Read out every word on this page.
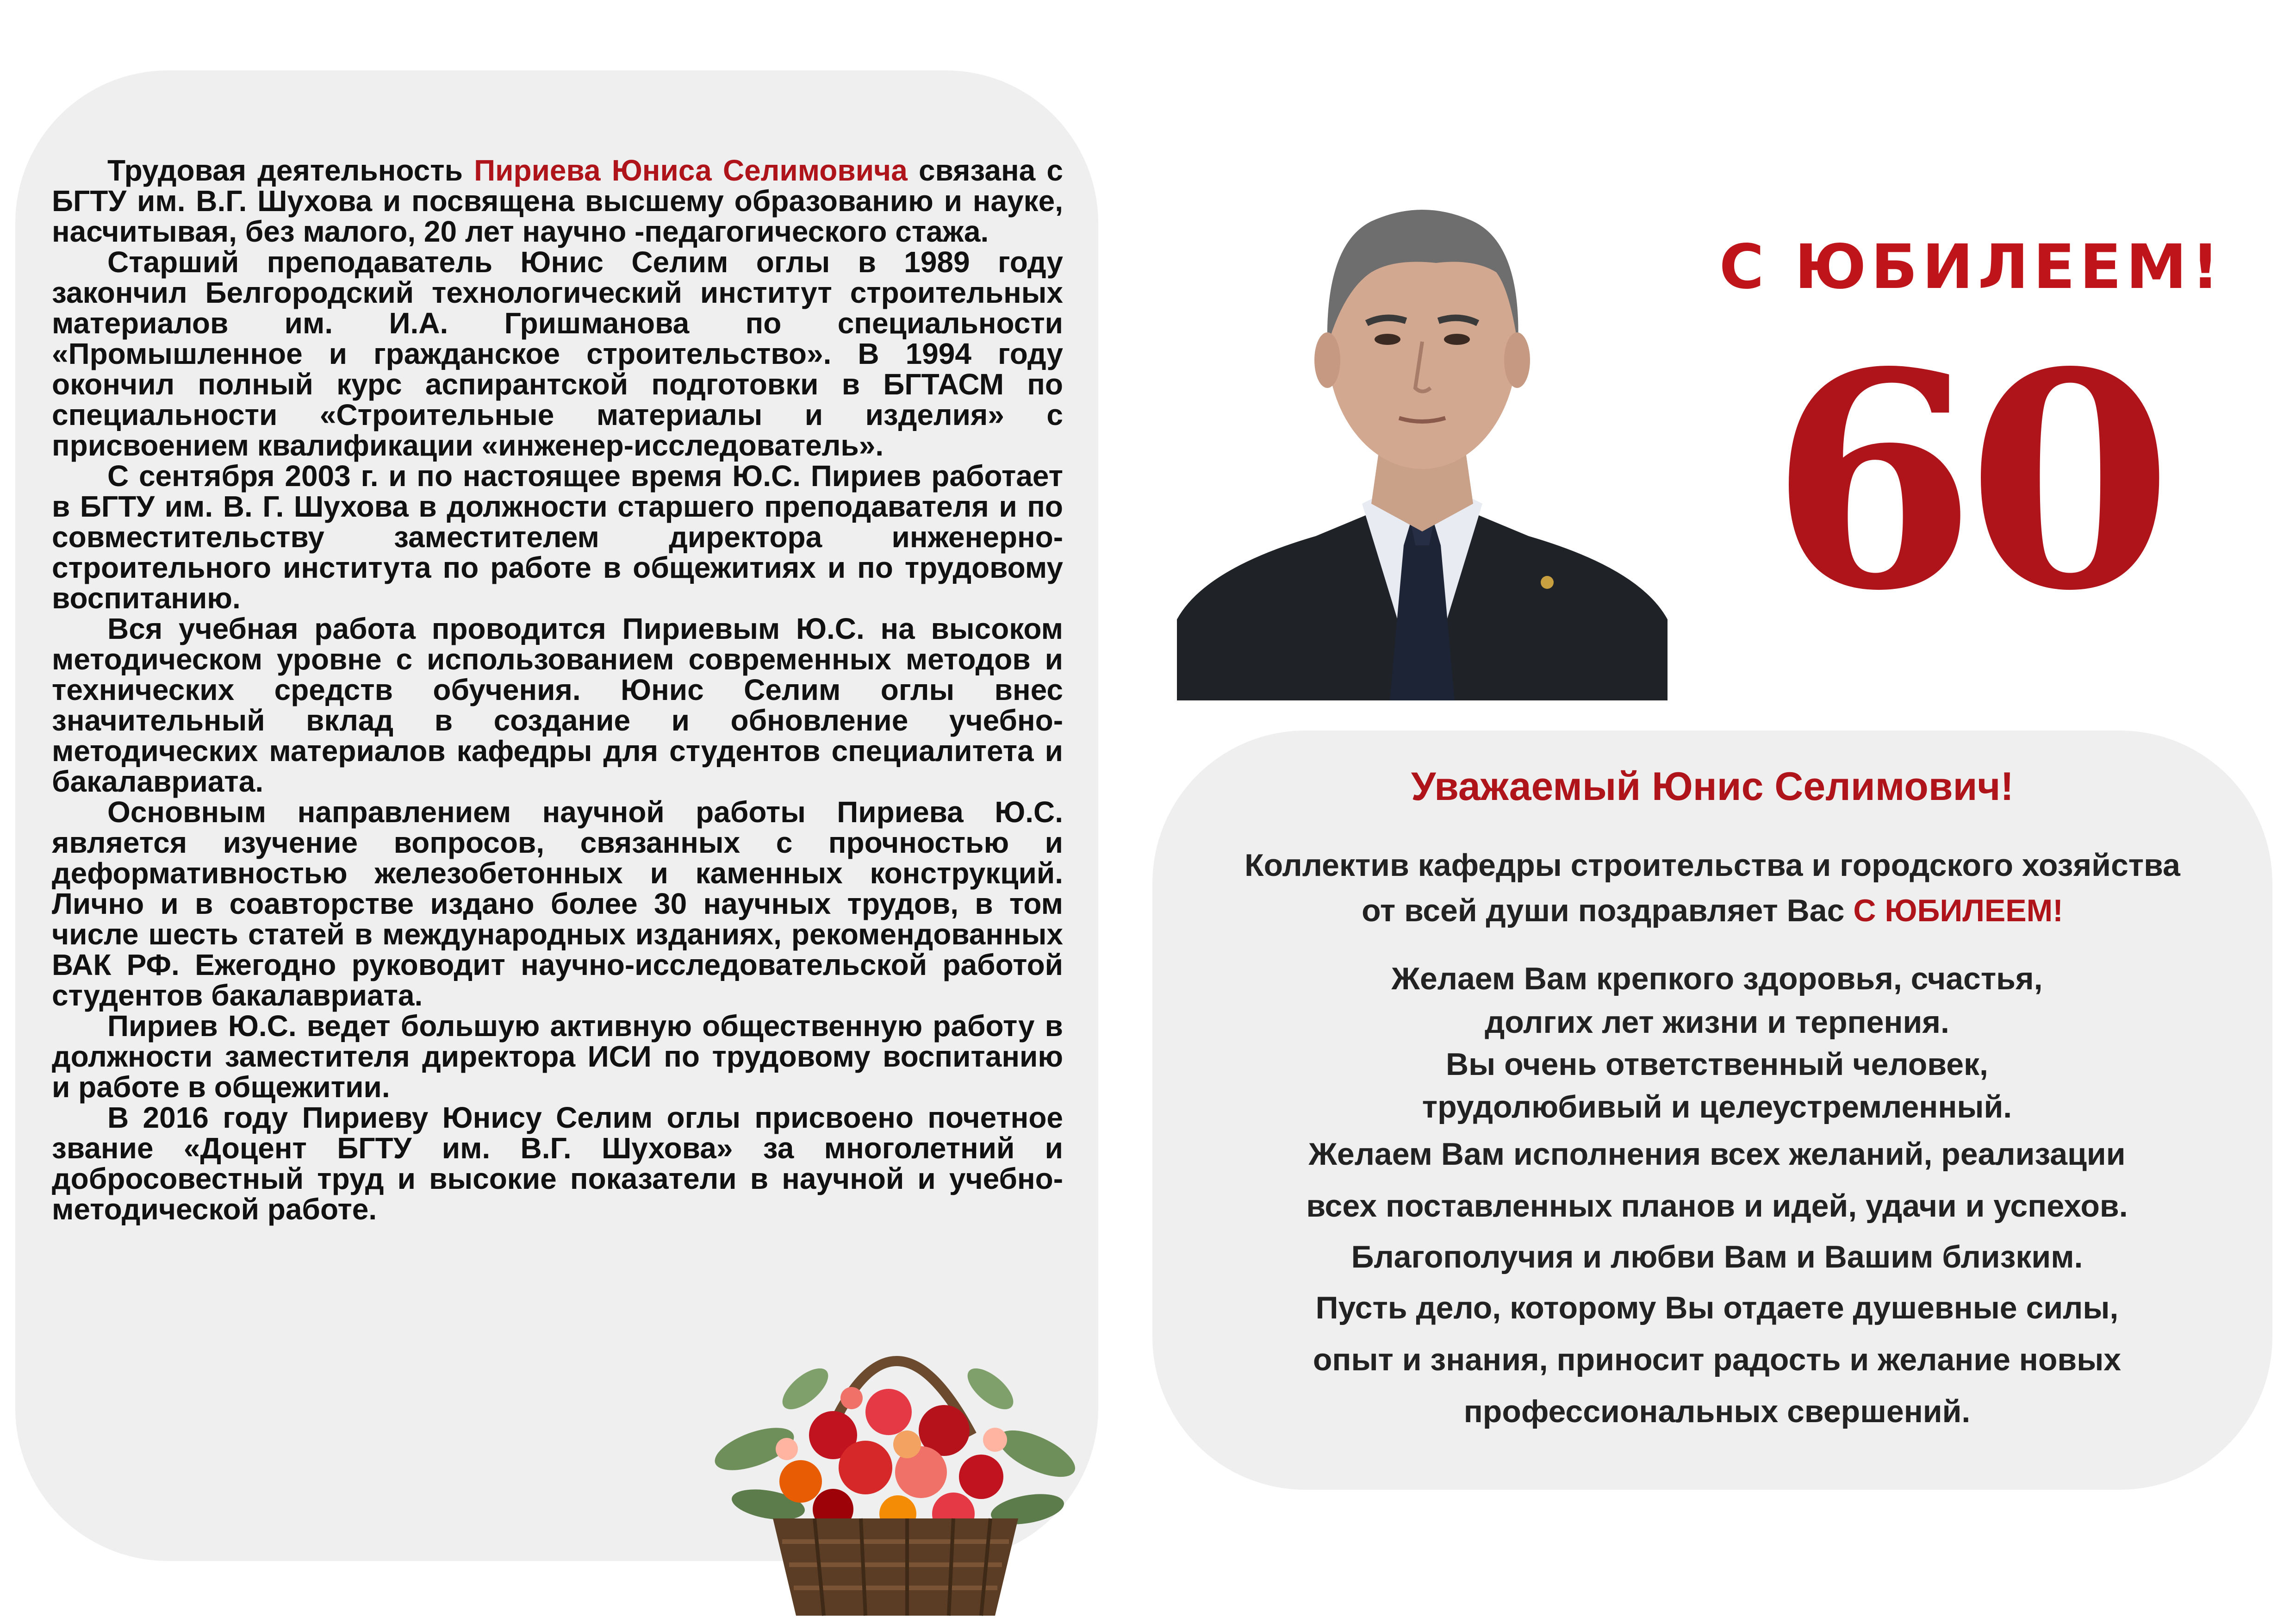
Трудовая деятельность Пириева Юниса Селимовича связана с БГТУ им. В.Г. Шухова и посвящена высшему образованию и науке, насчитывая, без малого, 20 лет научно -педагогического стажа.

Старший преподаватель Юнис Селим оглы в 1989 году закончил Белгородский технологический институт строительных материалов им. И.А. Гришманова по специальности «Промышленное и гражданское строительство». В 1994 году окончил полный курс аспирантской подготовки в БГТАСМ по специальности «Строительные материалы и изделия» с присвоением квалификации «инженер-исследователь».

С сентября 2003 г. и по настоящее время Ю.С. Пириев работает в БГТУ им. В. Г. Шухова в должности старшего преподавателя и по совместительству заместителем директора инженерно-строительного института по работе в общежитиях и по трудовому воспитанию.

Вся учебная работа проводится Пириевым Ю.С. на высоком методическом уровне с использованием современных методов и технических средств обучения. Юнис Селим оглы внес значительный вклад в создание и обновление учебно-методических материалов кафедры для студентов специалитета и бакалавриата.

Основным направлением научной работы Пириева Ю.С. является изучение вопросов, связанных с прочностью и деформативностью железобетонных и каменных конструкций. Лично и в соавторстве издано более 30 научных трудов, в том числе шесть статей в международных изданиях, рекомендованных ВАК РФ. Ежегодно руководит научно-исследовательской работой студентов бакалавриата.

Пириев Ю.С. ведет большую активную общественную работу в должности заместителя директора ИСИ по трудовому воспитанию и работе в общежитии.

В 2016 году Пириеву Юнису Селим оглы присвоено почетное звание «Доцент БГТУ им. В.Г. Шухова» за многолетний и добросовестный труд и высокие показатели в научной и учебно-методической работе.

С ЮБИЛЕЕМ!
60
Уважаемый Юнис Селимович!
Коллектив кафедры строительства и городского хозяйства
от всей души поздравляет Вас С ЮБИЛЕЕМ!
Желаем Вам крепкого здоровья, счастья,
долгих лет жизни и терпения.
Вы очень ответственный человек,
трудолюбивый и целеустремленный.
Желаем Вам исполнения всех желаний, реализации
всех поставленных планов и идей, удачи и успехов.
Благополучия и любви Вам и Вашим близким.
Пусть дело, которому Вы отдаете душевные силы,
опыт и знания, приносит радость и желание новых
профессиональных свершений.
